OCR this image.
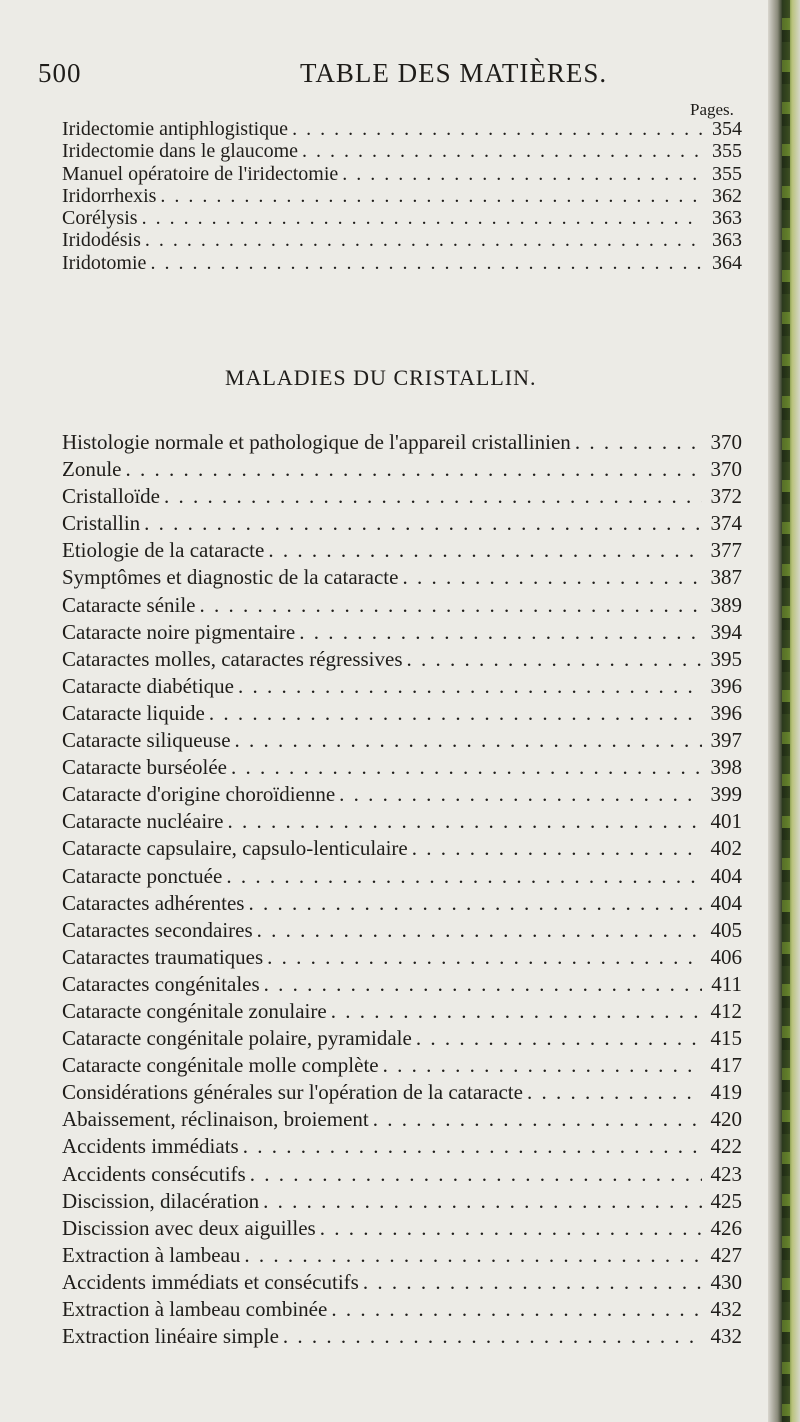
500	TABLE DES MATIÈRES.
Pages.
Iridectomie antiphlogistique . . .	354
Iridectomie dans le glaucome . . .	355
Manuel opératoire de l'iridectomie . . .	355
Iridorrhexis . . .	362
Corélysis . . .	363
Iridodésis . . .	363
Iridotomie . . .	364
MALADIES DU CRISTALLIN.
Histologie normale et pathologique de l'appareil cristallinien . . .	370
Zonule . . .	370
Cristalloïde . . .	372
Cristallin . . .	374
Etiologie de la cataracte . . .	377
Symptômes et diagnostic de la cataracte . . .	387
Cataracte sénile . . .	389
Cataracte noire pigmentaire . . .	394
Cataractes molles, cataractes régressives . . .	395
Cataracte diabétique . . .	396
Cataracte liquide . . .	396
Cataracte siliqueuse . . .	397
Cataracte burséolée . . .	398
Cataracte d'origine choroïdienne . . .	399
Cataracte nucléaire . . .	401
Cataracte capsulaire, capsulo-lenticulaire . . .	402
Cataracte ponctuée . . .	404
Cataractes adhérentes . . .	404
Cataractes secondaires . . .	405
Cataractes traumatiques . . .	406
Cataractes congénitales . . .	411
Cataracte congénitale zonulaire . . .	412
Cataracte congénitale polaire, pyramidale . . .	415
Cataracte congénitale molle complète . . .	417
Considérations générales sur l'opération de la cataracte . . .	419
Abaissement, réclinaison, broiement . . .	420
Accidents immédiats . . .	422
Accidents consécutifs . . .	423
Discission, dilacération . . .	425
Discission avec deux aiguilles . . .	426
Extraction à lambeau . . .	427
Accidents immédiats et consécutifs . . .	430
Extraction à lambeau combinée . . .	432
Extraction linéaire simple . . .	432
